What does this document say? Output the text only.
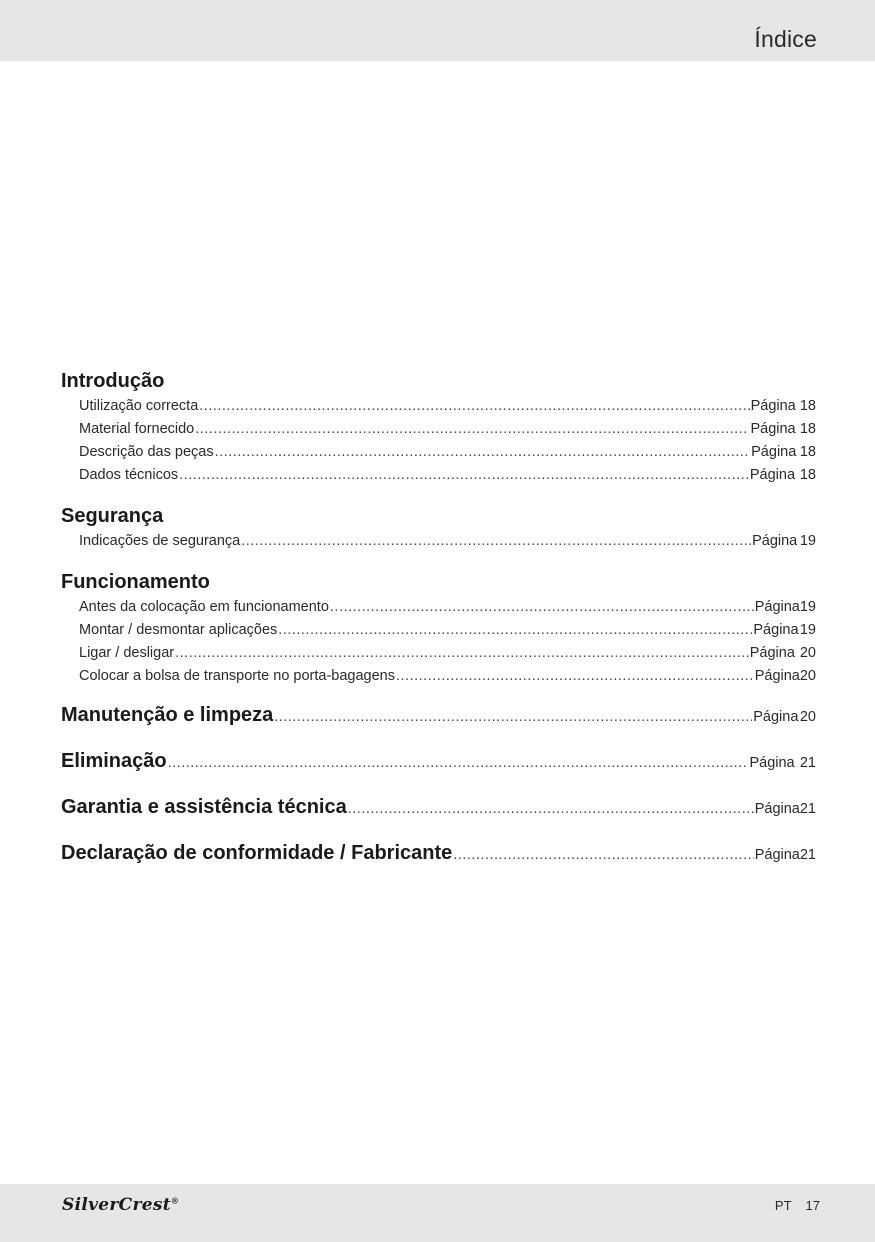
Índice
Introdução
Utilização correcta .....	Página 18
Material fornecido .....	Página 18
Descrição das peças .....	Página 18
Dados técnicos .....	Página 18
Segurança
Indicações de segurança .....	Página 19
Funcionamento
Antes da colocação em funcionamento .....	Página 19
Montar / desmontar aplicações .....	Página 19
Ligar / desligar .....	Página 20
Colocar a bolsa de transporte no porta-bagagens .....	Página 20
Manutenção e limpeza .....	Página 20
Eliminação .....	Página 21
Garantia e assistência técnica .....	Página 21
Declaração de conformidade / Fabricante .....	Página 21
SilverCrest®	PT 17
